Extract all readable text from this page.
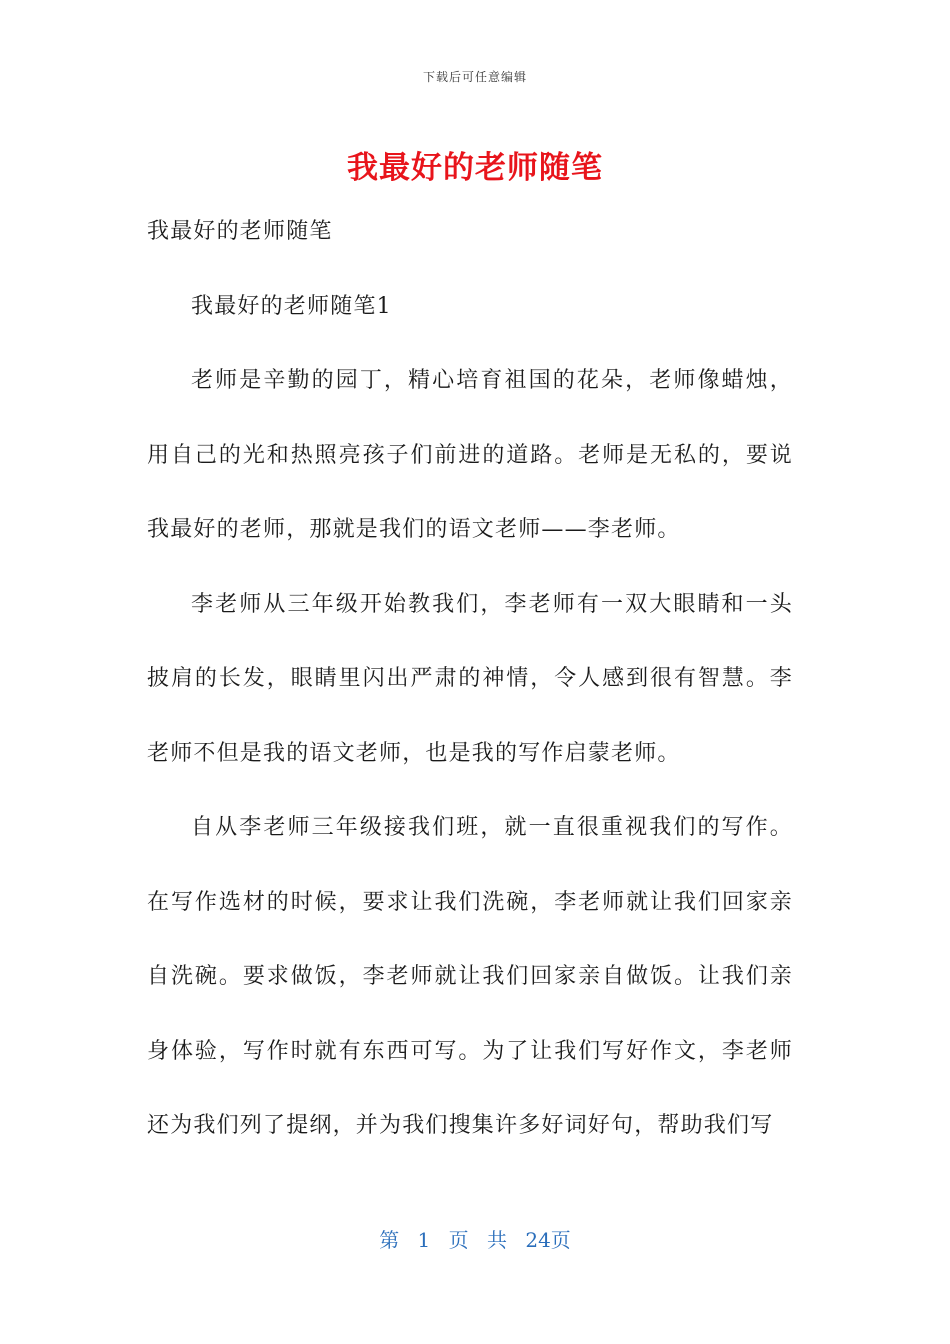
下载后可任意编辑
我最好的老师随笔

我最好的老师随笔

我最好的老师随笔1

老师是辛勤的园丁，精心培育祖国的花朵，老师像蜡烛，用自己的光和热照亮孩子们前进的道路。老师是无私的，要说我最好的老师，那就是我们的语文老师——李老师。

李老师从三年级开始教我们，李老师有一双大眼睛和一头披肩的长发，眼睛里闪出严肃的神情，令人感到很有智慧。李老师不但是我的语文老师，也是我的写作启蒙老师。

自从李老师三年级接我们班，就一直很重视我们的写作。在写作选材的时候，要求让我们洗碗，李老师就让我们回家亲自洗碗。要求做饭，李老师就让我们回家亲自做饭。让我们亲身体验，写作时就有东西可写。为了让我们写好作文，李老师还为我们列了提纲，并为我们搜集许多好词好句，帮助我们写

第 1 页 共 24页
